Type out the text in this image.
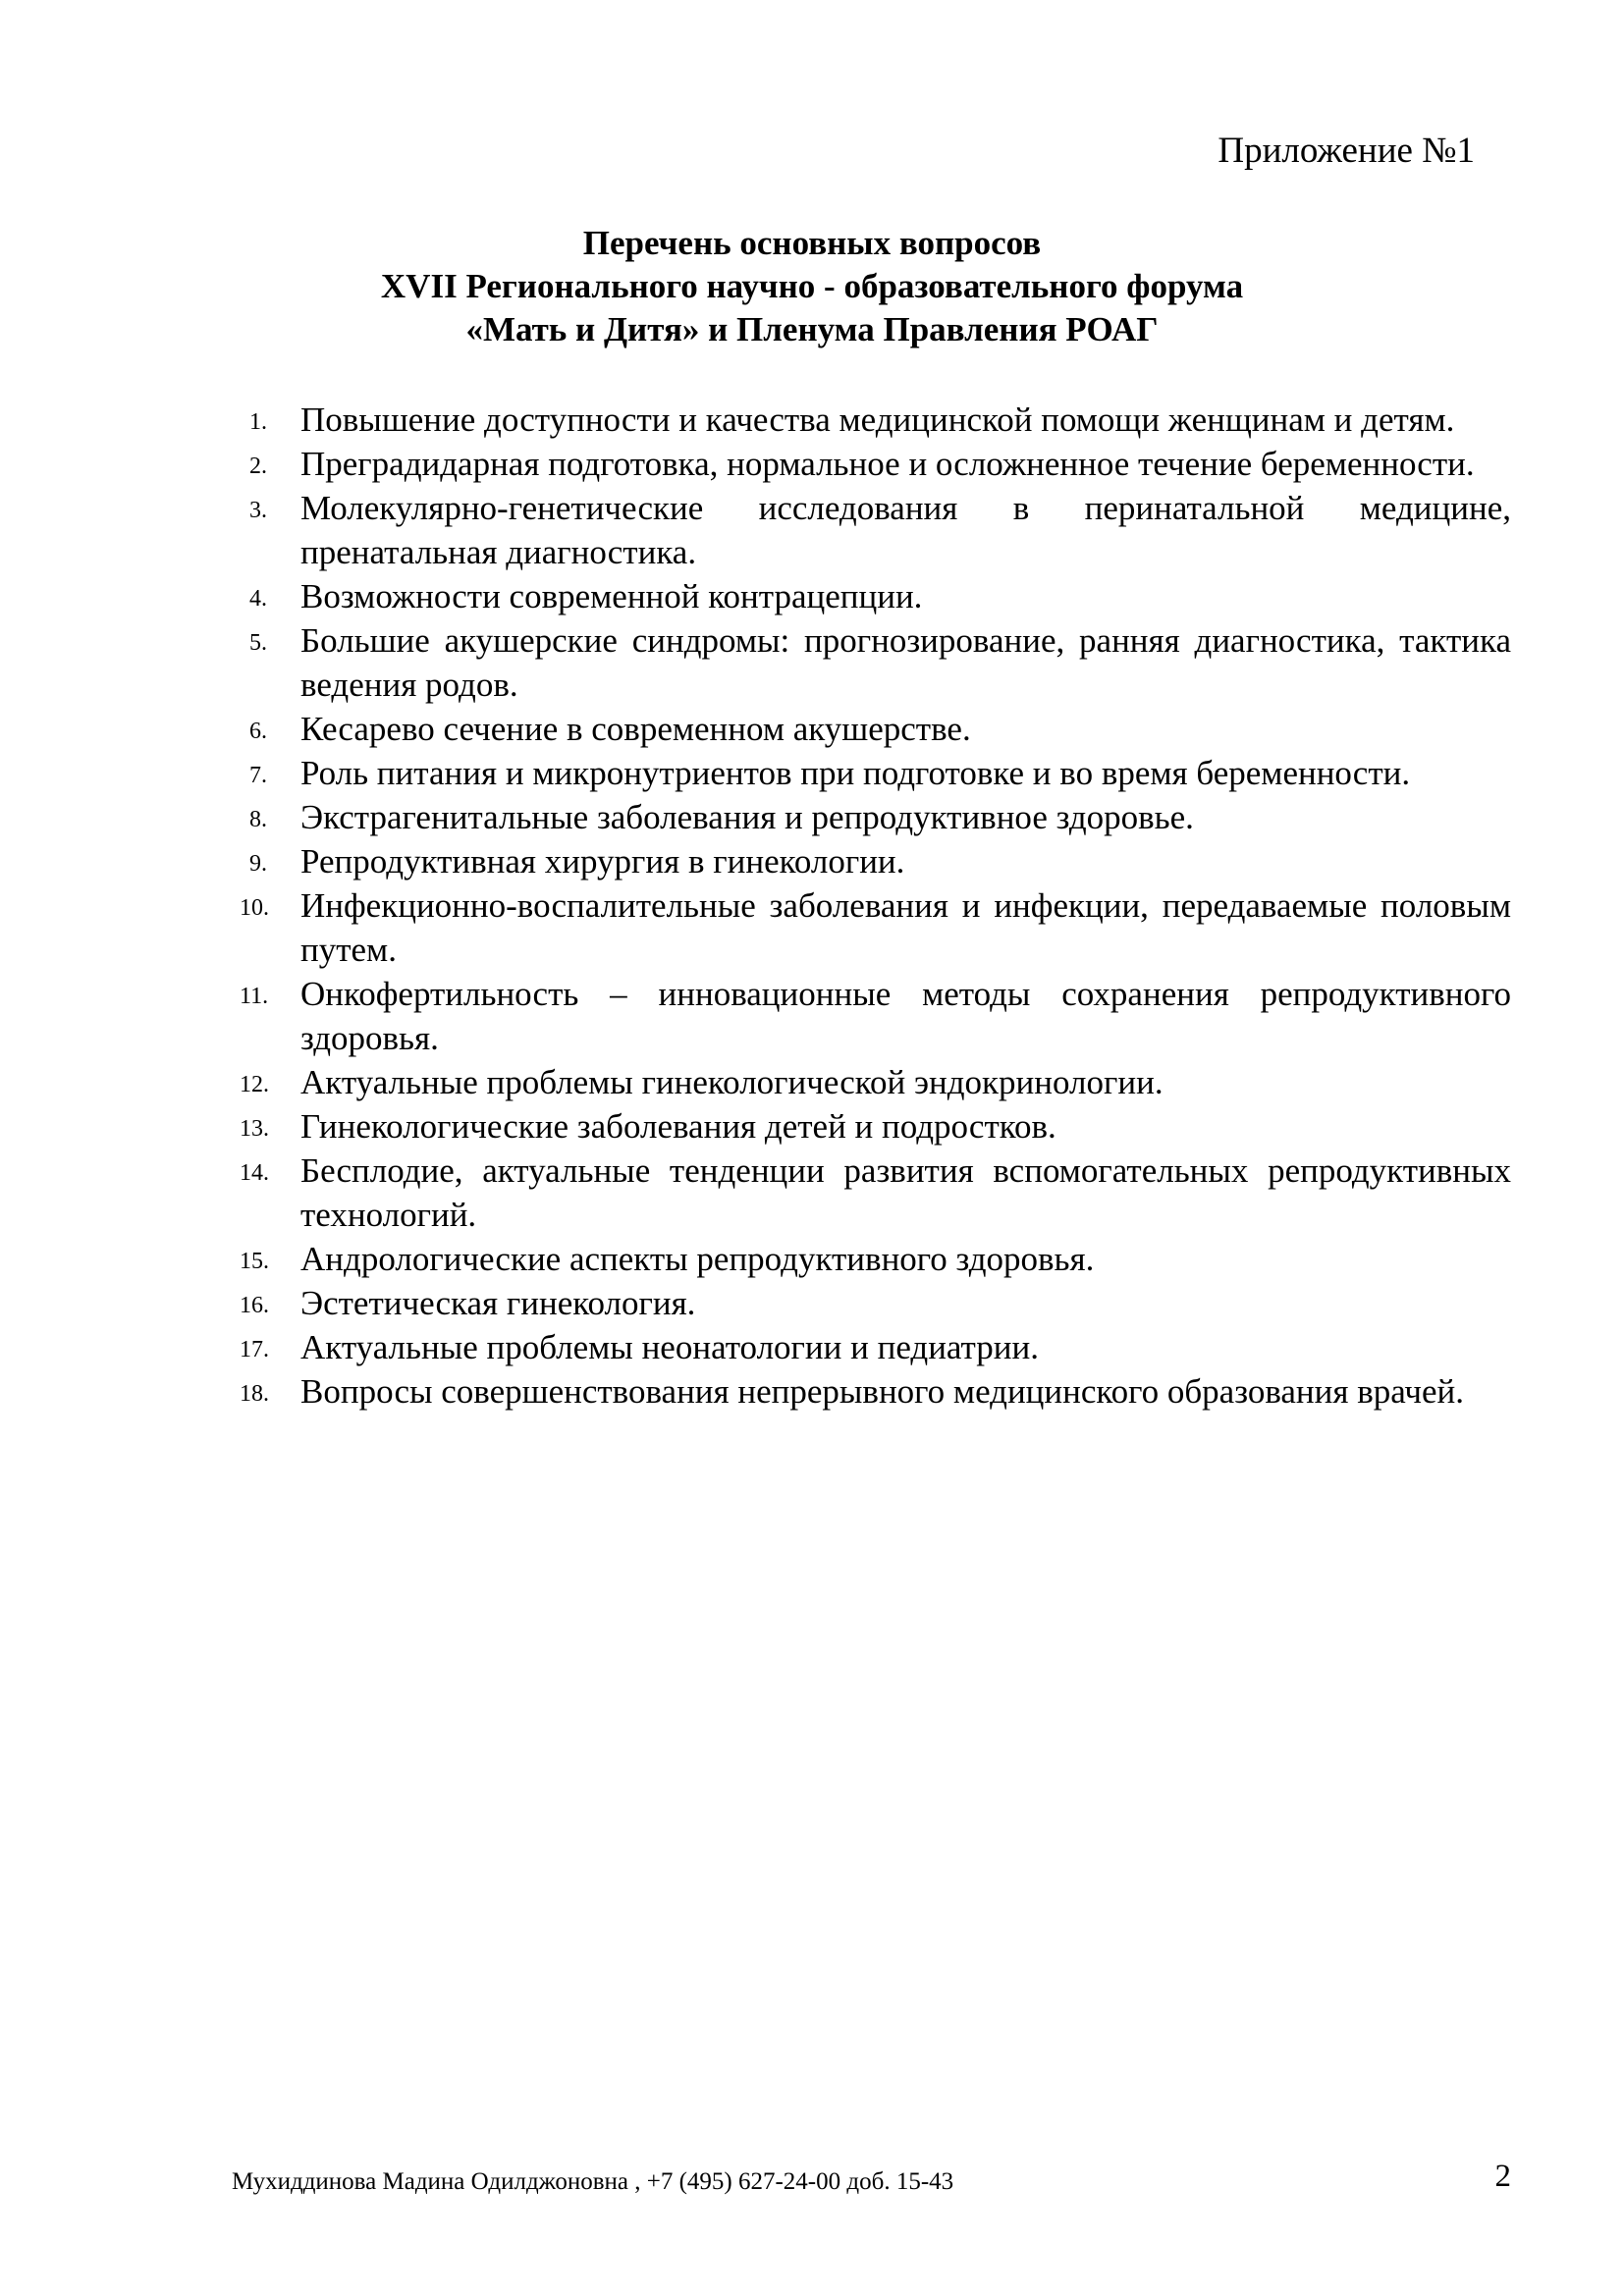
Приложение №1
Перечень основных вопросов
XVII Регионального научно - образовательного форума
«Мать и Дитя» и Пленума Правления РОАГ
1. Повышение доступности и качества медицинской помощи женщинам и детям.
2. Преградидарная подготовка, нормальное и осложненное течение беременности.
3. Молекулярно-генетические исследования в перинатальной медицине, пренатальная диагностика.
4. Возможности современной контрацепции.
5. Большие акушерские синдромы: прогнозирование, ранняя диагностика, тактика ведения родов.
6. Кесарево сечение в современном акушерстве.
7. Роль питания и микронутриентов при подготовке и во время беременности.
8. Экстрагенитальные заболевания и репродуктивное здоровье.
9. Репродуктивная хирургия в гинекологии.
10. Инфекционно-воспалительные заболевания и инфекции, передаваемые половым путем.
11. Онкофертильность – инновационные методы сохранения репродуктивного здоровья.
12. Актуальные проблемы гинекологической эндокринологии.
13. Гинекологические заболевания детей и подростков.
14. Бесплодие, актуальные тенденции развития вспомогательных репродуктивных технологий.
15. Андрологические аспекты репродуктивного здоровья.
16. Эстетическая гинекология.
17. Актуальные проблемы неонатологии и педиатрии.
18. Вопросы совершенствования непрерывного медицинского образования врачей.
Мухиддинова Мадина Одилджоновна , +7 (495) 627-24-00 доб. 15-43	2
